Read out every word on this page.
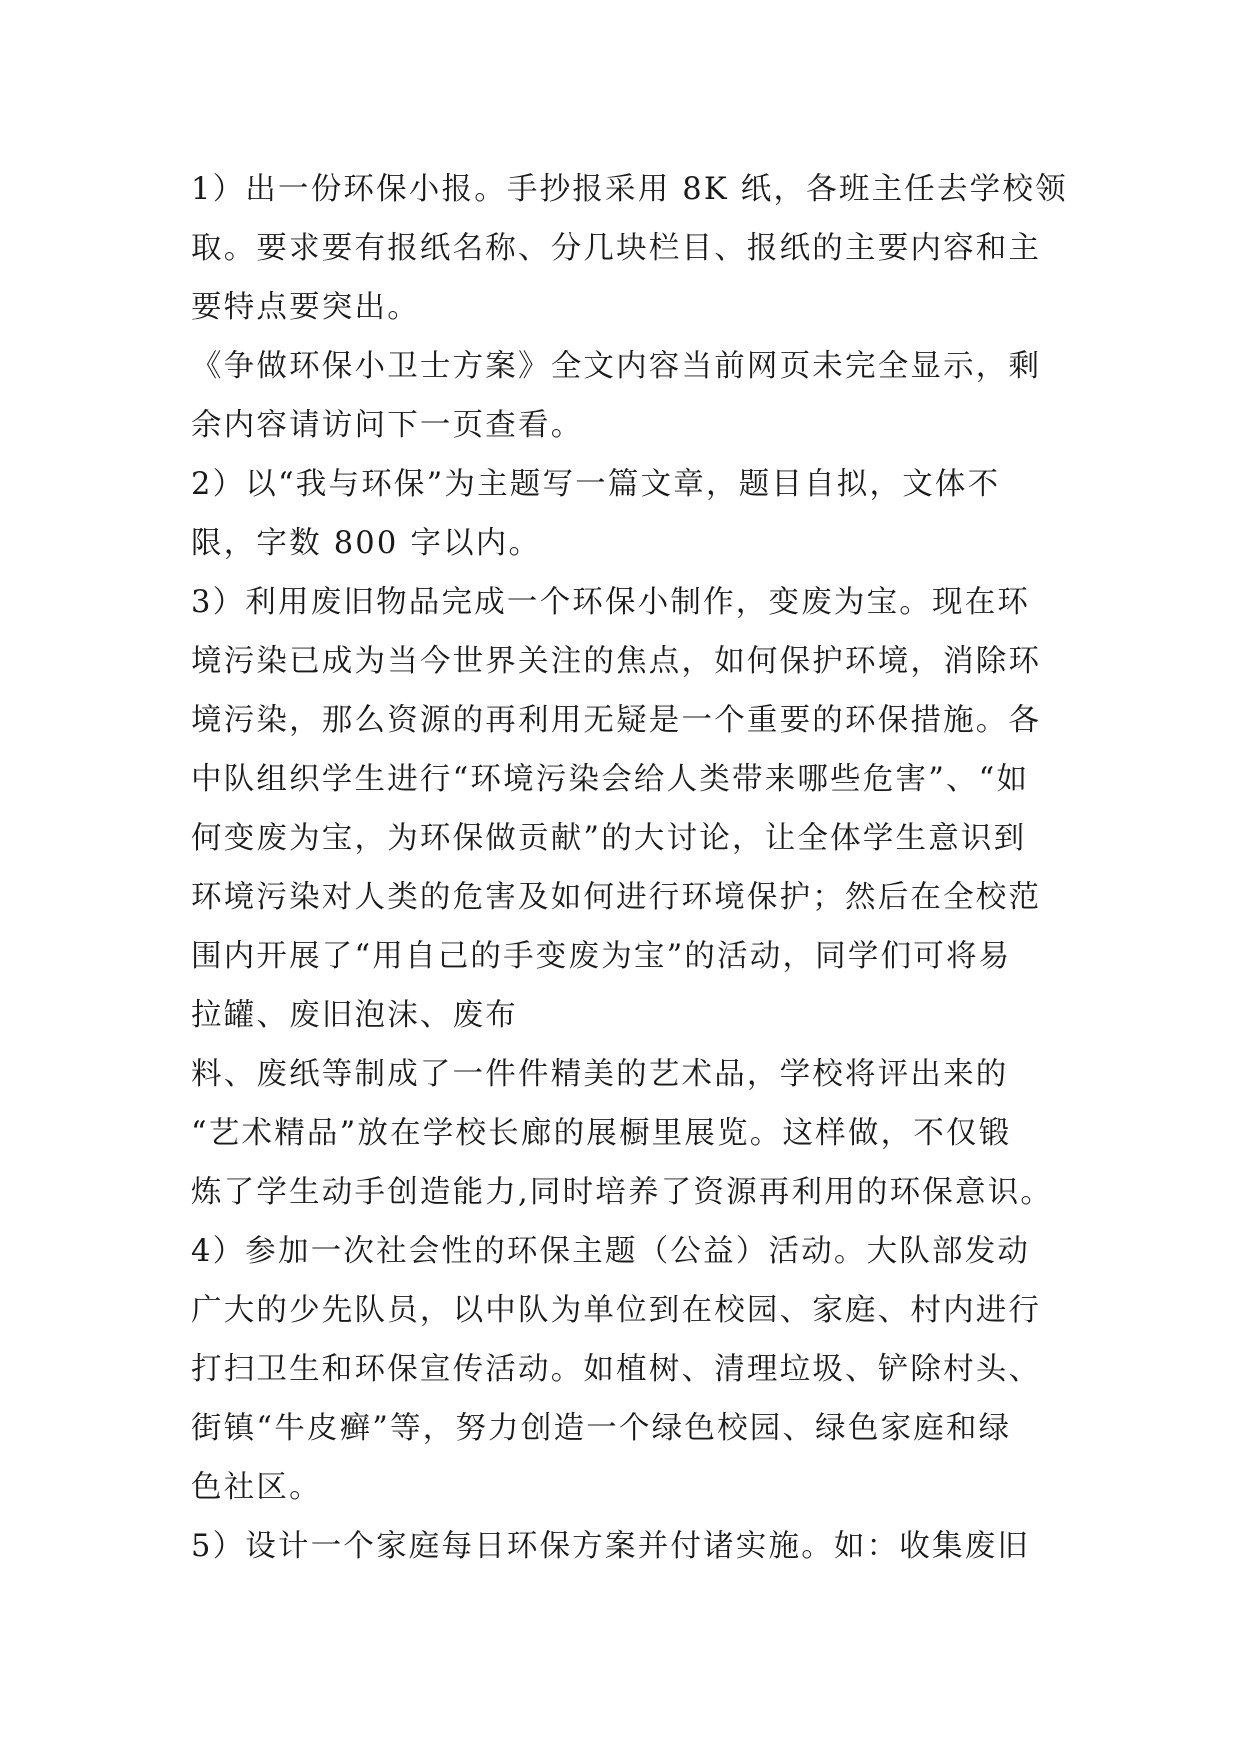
1）出一份环保小报。手抄报采用 8K 纸，各班主任去学校领
取。要求要有报纸名称、分几块栏目、报纸的主要内容和主
要特点要突出。
《争做环保小卫士方案》全文内容当前网页未完全显示，剩
余内容请访问下一页查看。
2）以“我与环保”为主题写一篇文章，题目自拟，文体不
限，字数 800 字以内。
3）利用废旧物品完成一个环保小制作，变废为宝。现在环
境污染已成为当今世界关注的焦点，如何保护环境，消除环
境污染，那么资源的再利用无疑是一个重要的环保措施。各
中队组织学生进行“环境污染会给人类带来哪些危害”、“如
何变废为宝，为环保做贡献”的大讨论，让全体学生意识到
环境污染对人类的危害及如何进行环境保护；然后在全校范
围内开展了“用自己的手变废为宝”的活动，同学们可将易
拉罐、废旧泡沫、废布
料、废纸等制成了一件件精美的艺术品，学校将评出来的
“艺术精品”放在学校长廊的展橱里展览。这样做，不仅锻
炼了学生动手创造能力,同时培养了资源再利用的环保意识。
4）参加一次社会性的环保主题（公益）活动。大队部发动
广大的少先队员，以中队为单位到在校园、家庭、村内进行
打扫卫生和环保宣传活动。如植树、清理垃圾、铲除村头、
街镇“牛皮癣”等，努力创造一个绿色校园、绿色家庭和绿
色社区。
5）设计一个家庭每日环保方案并付诸实施。如：收集废旧
